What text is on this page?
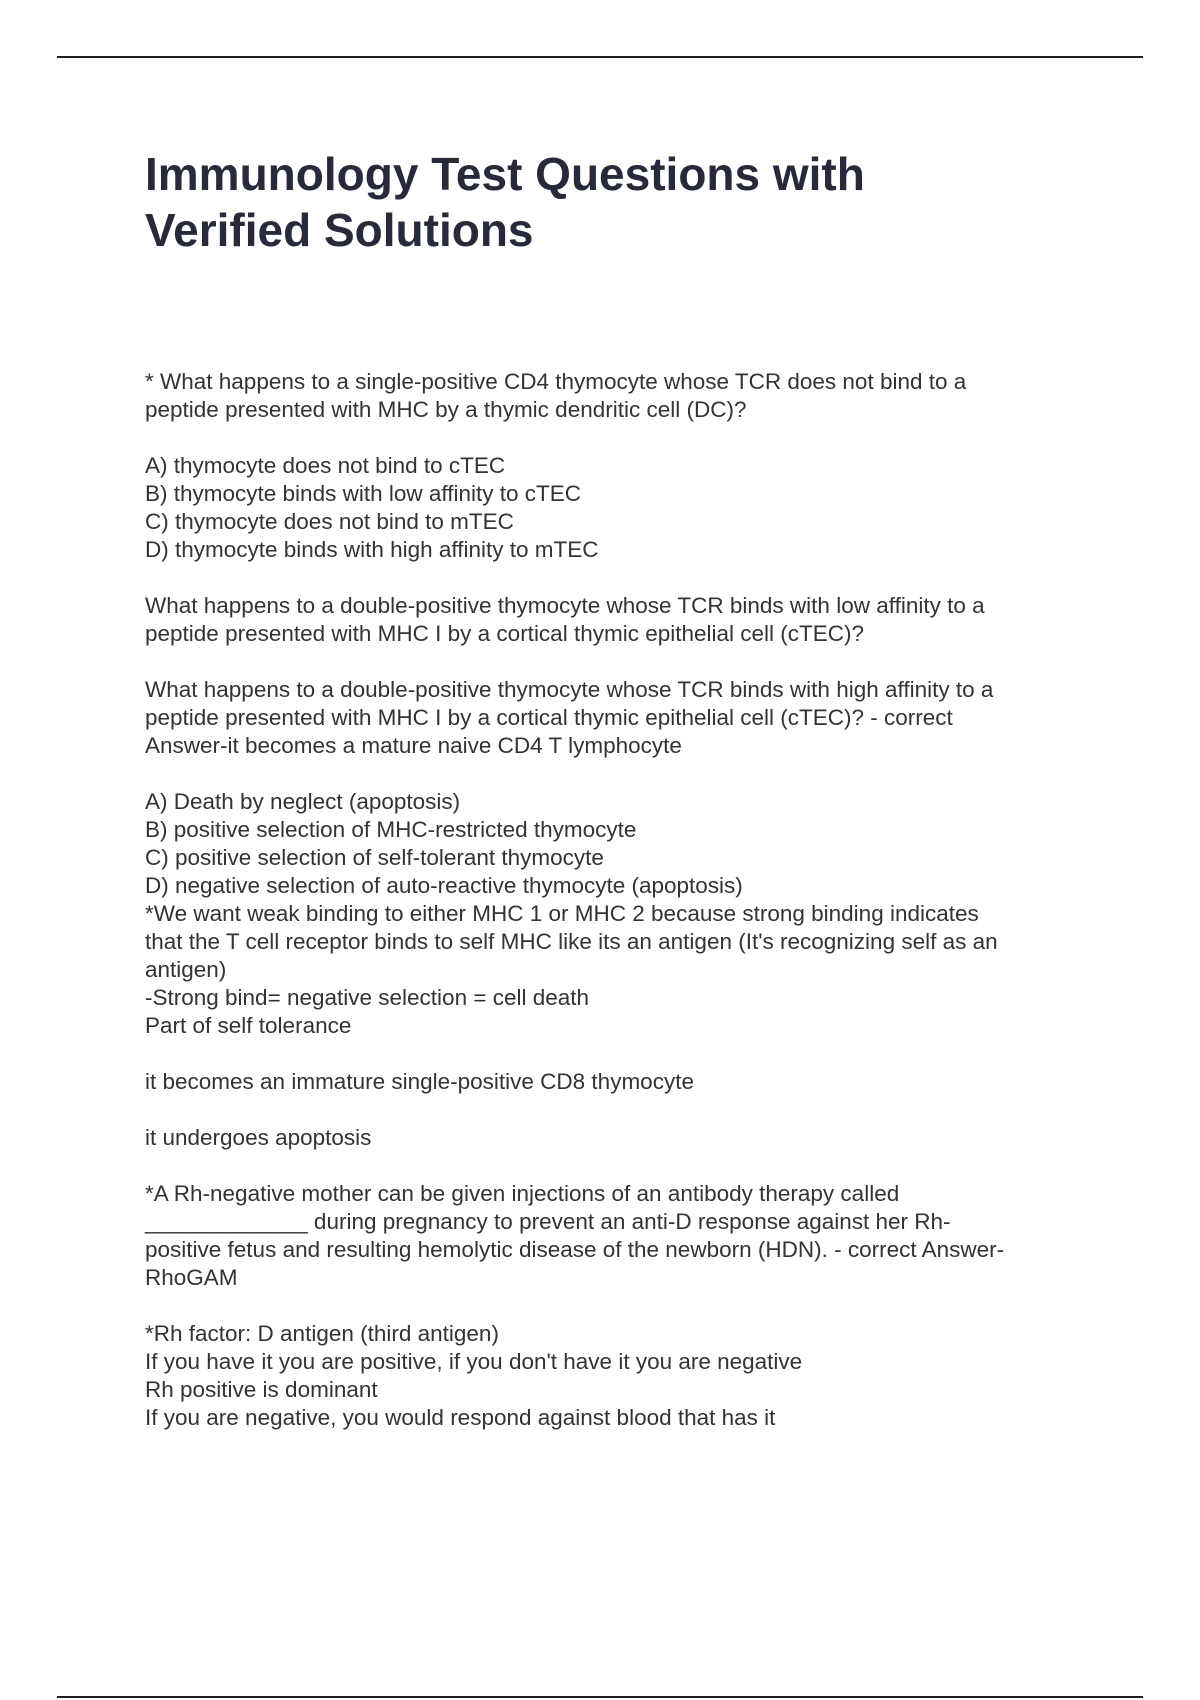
Immunology Test Questions with
Verified Solutions

* What happens to a single-positive CD4 thymocyte whose TCR does not bind to a
peptide presented with MHC by a thymic dendritic cell (DC)?

A) thymocyte does not bind to cTEC
B) thymocyte binds with low affinity to cTEC
C) thymocyte does not bind to mTEC
D) thymocyte binds with high affinity to mTEC

What happens to a double-positive thymocyte whose TCR binds with low affinity to a
peptide presented with MHC I by a cortical thymic epithelial cell (cTEC)?

What happens to a double-positive thymocyte whose TCR binds with high affinity to a
peptide presented with MHC I by a cortical thymic epithelial cell (cTEC)? - correct
Answer-it becomes a mature naive CD4 T lymphocyte

A) Death by neglect (apoptosis)
B) positive selection of MHC-restricted thymocyte
C) positive selection of self-tolerant thymocyte
D) negative selection of auto-reactive thymocyte (apoptosis)
*We want weak binding to either MHC 1 or MHC 2 because strong binding indicates
that the T cell receptor binds to self MHC like its an antigen (It's recognizing self as an
antigen)
-Strong bind= negative selection = cell death
Part of self tolerance

it becomes an immature single-positive CD8 thymocyte

it undergoes apoptosis

*A Rh-negative mother can be given injections of an antibody therapy called
_____________ during pregnancy to prevent an anti-D response against her Rh-
positive fetus and resulting hemolytic disease of the newborn (HDN). - correct Answer-
RhoGAM

*Rh factor: D antigen (third antigen)
If you have it you are positive, if you don't have it you are negative
Rh positive is dominant
If you are negative, you would respond against blood that has it
